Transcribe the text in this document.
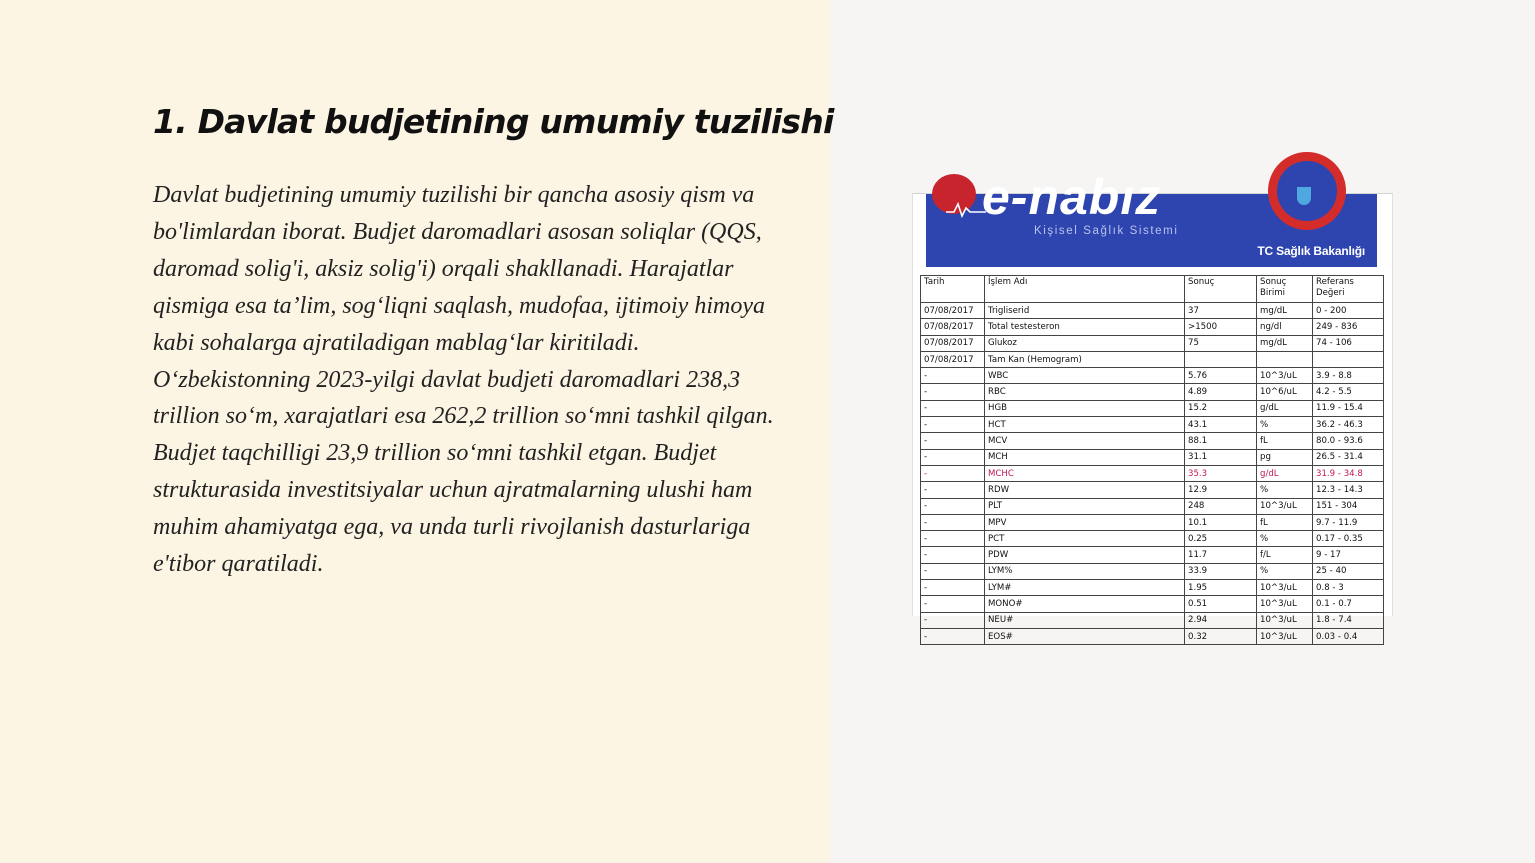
1. Davlat budjetining umumiy tuzilishi
Davlat budjetining umumiy tuzilishi bir qancha asosiy qism va
bo'limlardan iborat. Budjet daromadlari asosan soliqlar (QQS,
daromad solig'i, aksiz solig'i) orqali shakllanadi. Harajatlar
qismiga esa ta’lim, sog‘liqni saqlash, mudofaa, ijtimoiy himoya
kabi sohalarga ajratiladigan mablag‘lar kiritiladi.
O‘zbekistonning 2023-yilgi davlat budjeti daromadlari 238,3
trillion so‘m, xarajatlari esa 262,2 trillion so‘mni tashkil qilgan.
Budjet taqchilligi 23,9 trillion so‘mni tashkil etgan. Budjet
strukturasida investitsiyalar uchun ajratmalarning ulushi ham
muhim ahamiyatga ega, va unda turli rivojlanish dasturlariga
e'tibor qaratiladi.
e-nabız
Kişisel Sağlık Sistemi
TC Sağlık Bakanlığı
Tarih	İşlem Adı	Sonuç	Sonuç Birimi	Referans Değeri
07/08/2017	Trigliserid	37	mg/dL	0 - 200
07/08/2017	Total testesteron	>1500	ng/dl	249 - 836
07/08/2017	Glukoz	75	mg/dL	74 - 106
07/08/2017	Tam Kan (Hemogram)			
-	WBC	5.76	10^3/uL	3.9 - 8.8
-	RBC	4.89	10^6/uL	4.2 - 5.5
-	HGB	15.2	g/dL	11.9 - 15.4
-	HCT	43.1	%	36.2 - 46.3
-	MCV	88.1	fL	80.0 - 93.6
-	MCH	31.1	pg	26.5 - 31.4
-	MCHC	35.3	g/dL	31.9 - 34.8
-	RDW	12.9	%	12.3 - 14.3
-	PLT	248	10^3/uL	151 - 304
-	MPV	10.1	fL	9.7 - 11.9
-	PCT	0.25	%	0.17 - 0.35
-	PDW	11.7	f/L	9 - 17
-	LYM%	33.9	%	25 - 40
-	LYM#	1.95	10^3/uL	0.8 - 3
-	MONO#	0.51	10^3/uL	0.1 - 0.7
-	NEU#	2.94	10^3/uL	1.8 - 7.4
-	EOS#	0.32	10^3/uL	0.03 - 0.4
